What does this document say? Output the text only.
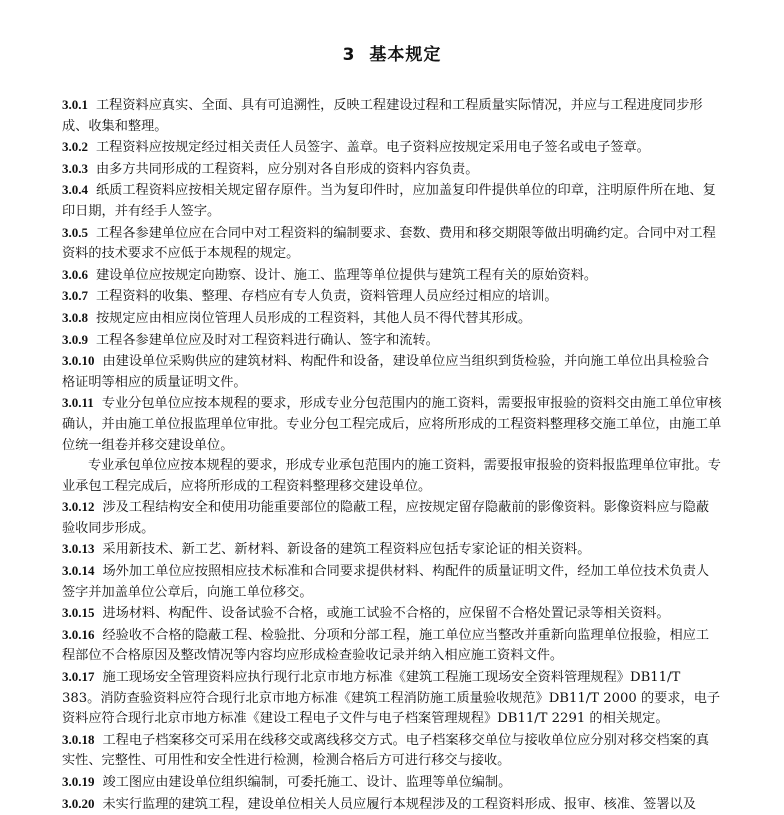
3 基本规定

3.0.1 工程资料应真实、全面、具有可追溯性，反映工程建设过程和工程质量实际情况，并应与工程进度同步形成、收集和整理。

3.0.2 工程资料应按规定经过相关责任人员签字、盖章。电子资料应按规定采用电子签名或电子签章。

3.0.3 由多方共同形成的工程资料，应分别对各自形成的资料内容负责。

3.0.4 纸质工程资料应按相关规定留存原件。当为复印件时，应加盖复印件提供单位的印章，注明原件所在地、复印日期，并有经手人签字。

3.0.5 工程各参建单位应在合同中对工程资料的编制要求、套数、费用和移交期限等做出明确约定。合同中对工程资料的技术要求不应低于本规程的规定。

3.0.6 建设单位应按规定向勘察、设计、施工、监理等单位提供与建筑工程有关的原始资料。

3.0.7 工程资料的收集、整理、存档应有专人负责，资料管理人员应经过相应的培训。

3.0.8 按规定应由相应岗位管理人员形成的工程资料，其他人员不得代替其形成。

3.0.9 工程各参建单位应及时对工程资料进行确认、签字和流转。

3.0.10 由建设单位采购供应的建筑材料、构配件和设备，建设单位应当组织到货检验，并向施工单位出具检验合格证明等相应的质量证明文件。

3.0.11 专业分包单位应按本规程的要求，形成专业分包范围内的施工资料，需要报审报验的资料交由施工单位审核确认，并由施工单位报监理单位审批。专业分包工程完成后，应将所形成的工程资料整理移交施工单位，由施工单位统一组卷并移交建设单位。

专业承包单位应按本规程的要求，形成专业承包范围内的施工资料，需要报审报验的资料报监理单位审批。专业承包工程完成后，应将所形成的工程资料整理移交建设单位。

3.0.12 涉及工程结构安全和使用功能重要部位的隐蔽工程，应按规定留存隐蔽前的影像资料。影像资料应与隐蔽验收同步形成。

3.0.13 采用新技术、新工艺、新材料、新设备的建筑工程资料应包括专家论证的相关资料。

3.0.14 场外加工单位应按照相应技术标准和合同要求提供材料、构配件的质量证明文件，经加工单位技术负责人签字并加盖单位公章后，向施工单位移交。

3.0.15 进场材料、构配件、设备试验不合格，或施工试验不合格的，应保留不合格处置记录等相关资料。

3.0.16 经验收不合格的隐蔽工程、检验批、分项和分部工程，施工单位应当整改并重新向监理单位报验，相应工程部位不合格原因及整改情况等内容均应形成检查验收记录并纳入相应施工资料文件。

3.0.17 施工现场安全管理资料应执行现行北京市地方标准《建筑工程施工现场安全资料管理规程》DB11/T 383。消防查验资料应符合现行北京市地方标准《建筑工程消防施工质量验收规范》DB11/T 2000 的要求，电子资料应符合现行北京市地方标准《建设工程电子文件与电子档案管理规程》DB11/T 2291 的相关规定。

3.0.18 工程电子档案移交可采用在线移交或离线移交方式。电子档案移交单位与接收单位应分别对移交档案的真实性、完整性、可用性和安全性进行检测，检测合格后方可进行移交与接收。

3.0.19 竣工图应由建设单位组织编制，可委托施工、设计、监理等单位编制。

3.0.20 未实行监理的建筑工程，建设单位相关人员应履行本规程涉及的工程资料形成、报审、核准、签署以及
